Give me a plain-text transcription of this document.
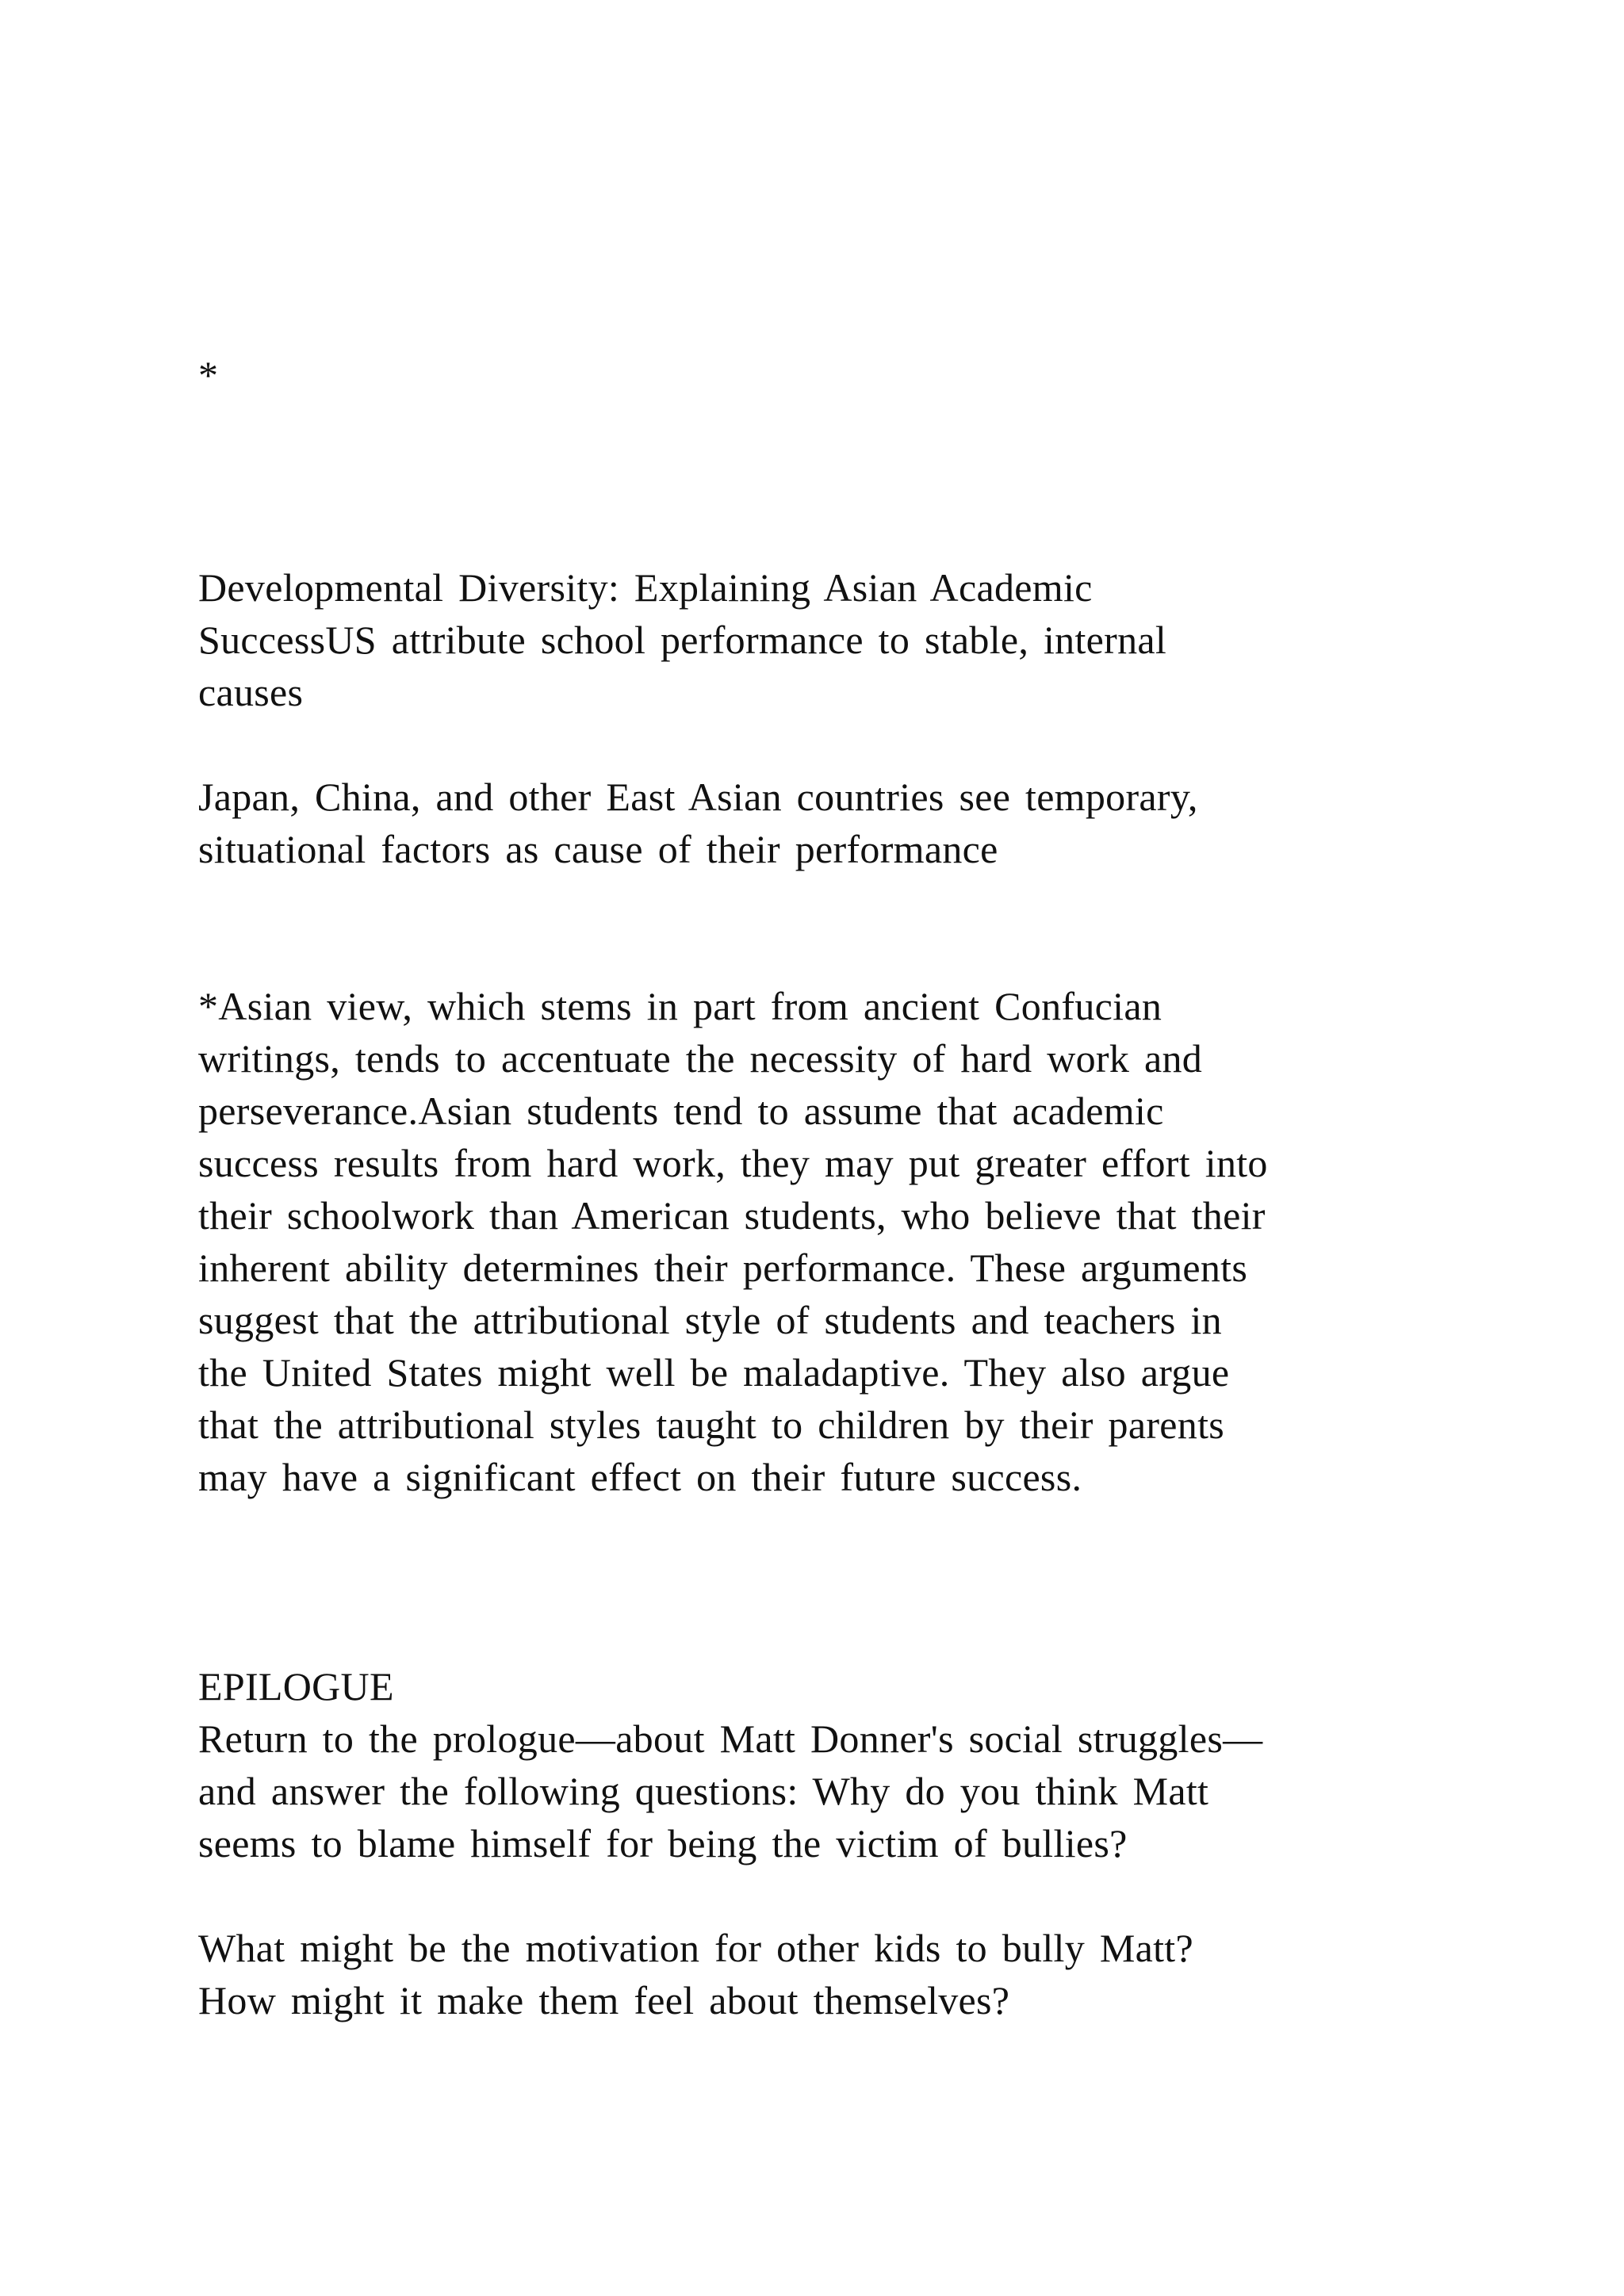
*
Developmental Diversity: Explaining Asian Academic
SuccessUS attribute school performance to stable, internal
causes
Japan, China, and other East Asian countries see temporary,
situational factors as cause of their performance
*Asian view, which stems in part from ancient Confucian
writings, tends to accentuate the necessity of hard work and
perseverance.Asian students tend to assume that academic
success results from hard work, they may put greater effort into
their schoolwork than American students, who believe that their
inherent ability determines their performance. These arguments
suggest that the attributional style of students and teachers in
the United States might well be maladaptive. They also argue
that the attributional styles taught to children by their parents
may have a significant effect on their future success.
EPILOGUE
Return to the prologue—about Matt Donner's social struggles—
and answer the following questions: Why do you think Matt
seems to blame himself for being the victim of bullies?
What might be the motivation for other kids to bully Matt?
How might it make them feel about themselves?
